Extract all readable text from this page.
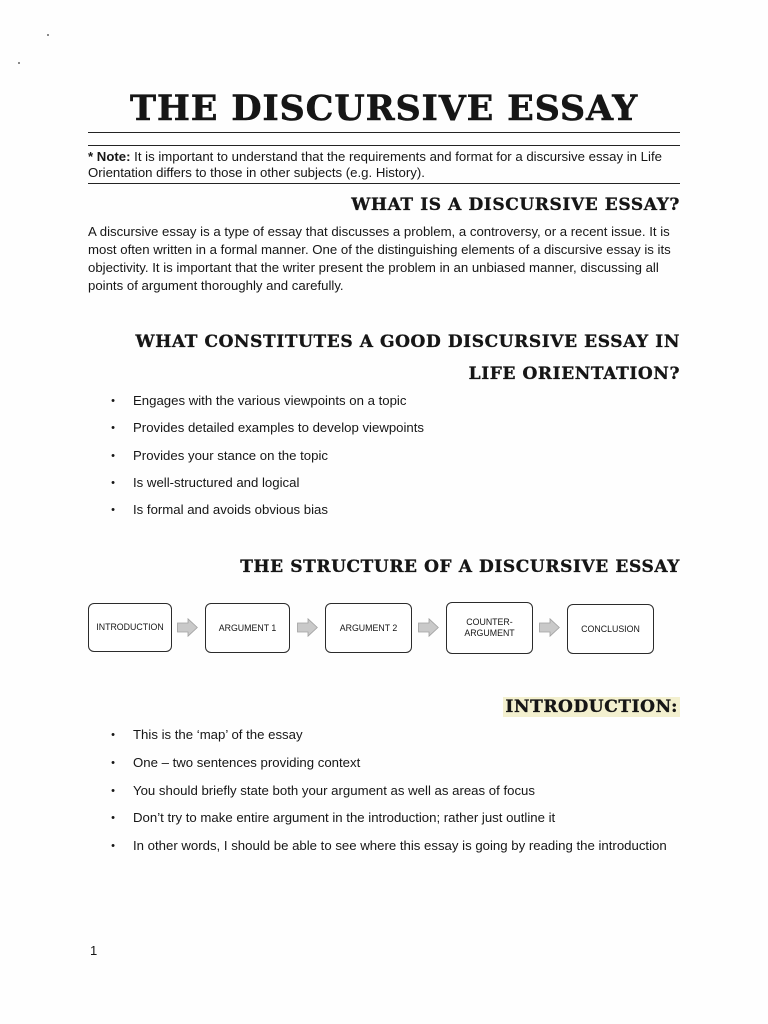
THE DISCURSIVE ESSAY
* Note: It is important to understand that the requirements and format for a discursive essay in Life
Orientation differs to those in other subjects (e.g. History).
WHAT IS A DISCURSIVE ESSAY?
A discursive essay is a type of essay that discusses a problem, a controversy, or a recent issue. It is
most often written in a formal manner. One of the distinguishing elements of a discursive essay is its
objectivity. It is important that the writer present the problem in an unbiased manner, discussing all
points of argument thoroughly and carefully.
WHAT CONSTITUTES A GOOD DISCURSIVE ESSAY IN
LIFE ORIENTATION?
•
Engages with the various viewpoints on a topic
•
Provides detailed examples to develop viewpoints
•
Provides your stance on the topic
•
Is well-structured and logical
•
Is formal and avoids obvious bias
THE STRUCTURE OF A DISCURSIVE ESSAY
INTRODUCTION	ARGUMENT 1	ARGUMENT 2
COUNTER-
ARGUMENT	CONCLUSION
INTRODUCTION:
•
This is the ‘map’ of the essay
•
One – two sentences providing context
•
You should briefly state both your argument as well as areas of focus
•
Don’t try to make entire argument in the introduction; rather just outline it
•
In other words, I should be able to see where this essay is going by reading the introduction
1
